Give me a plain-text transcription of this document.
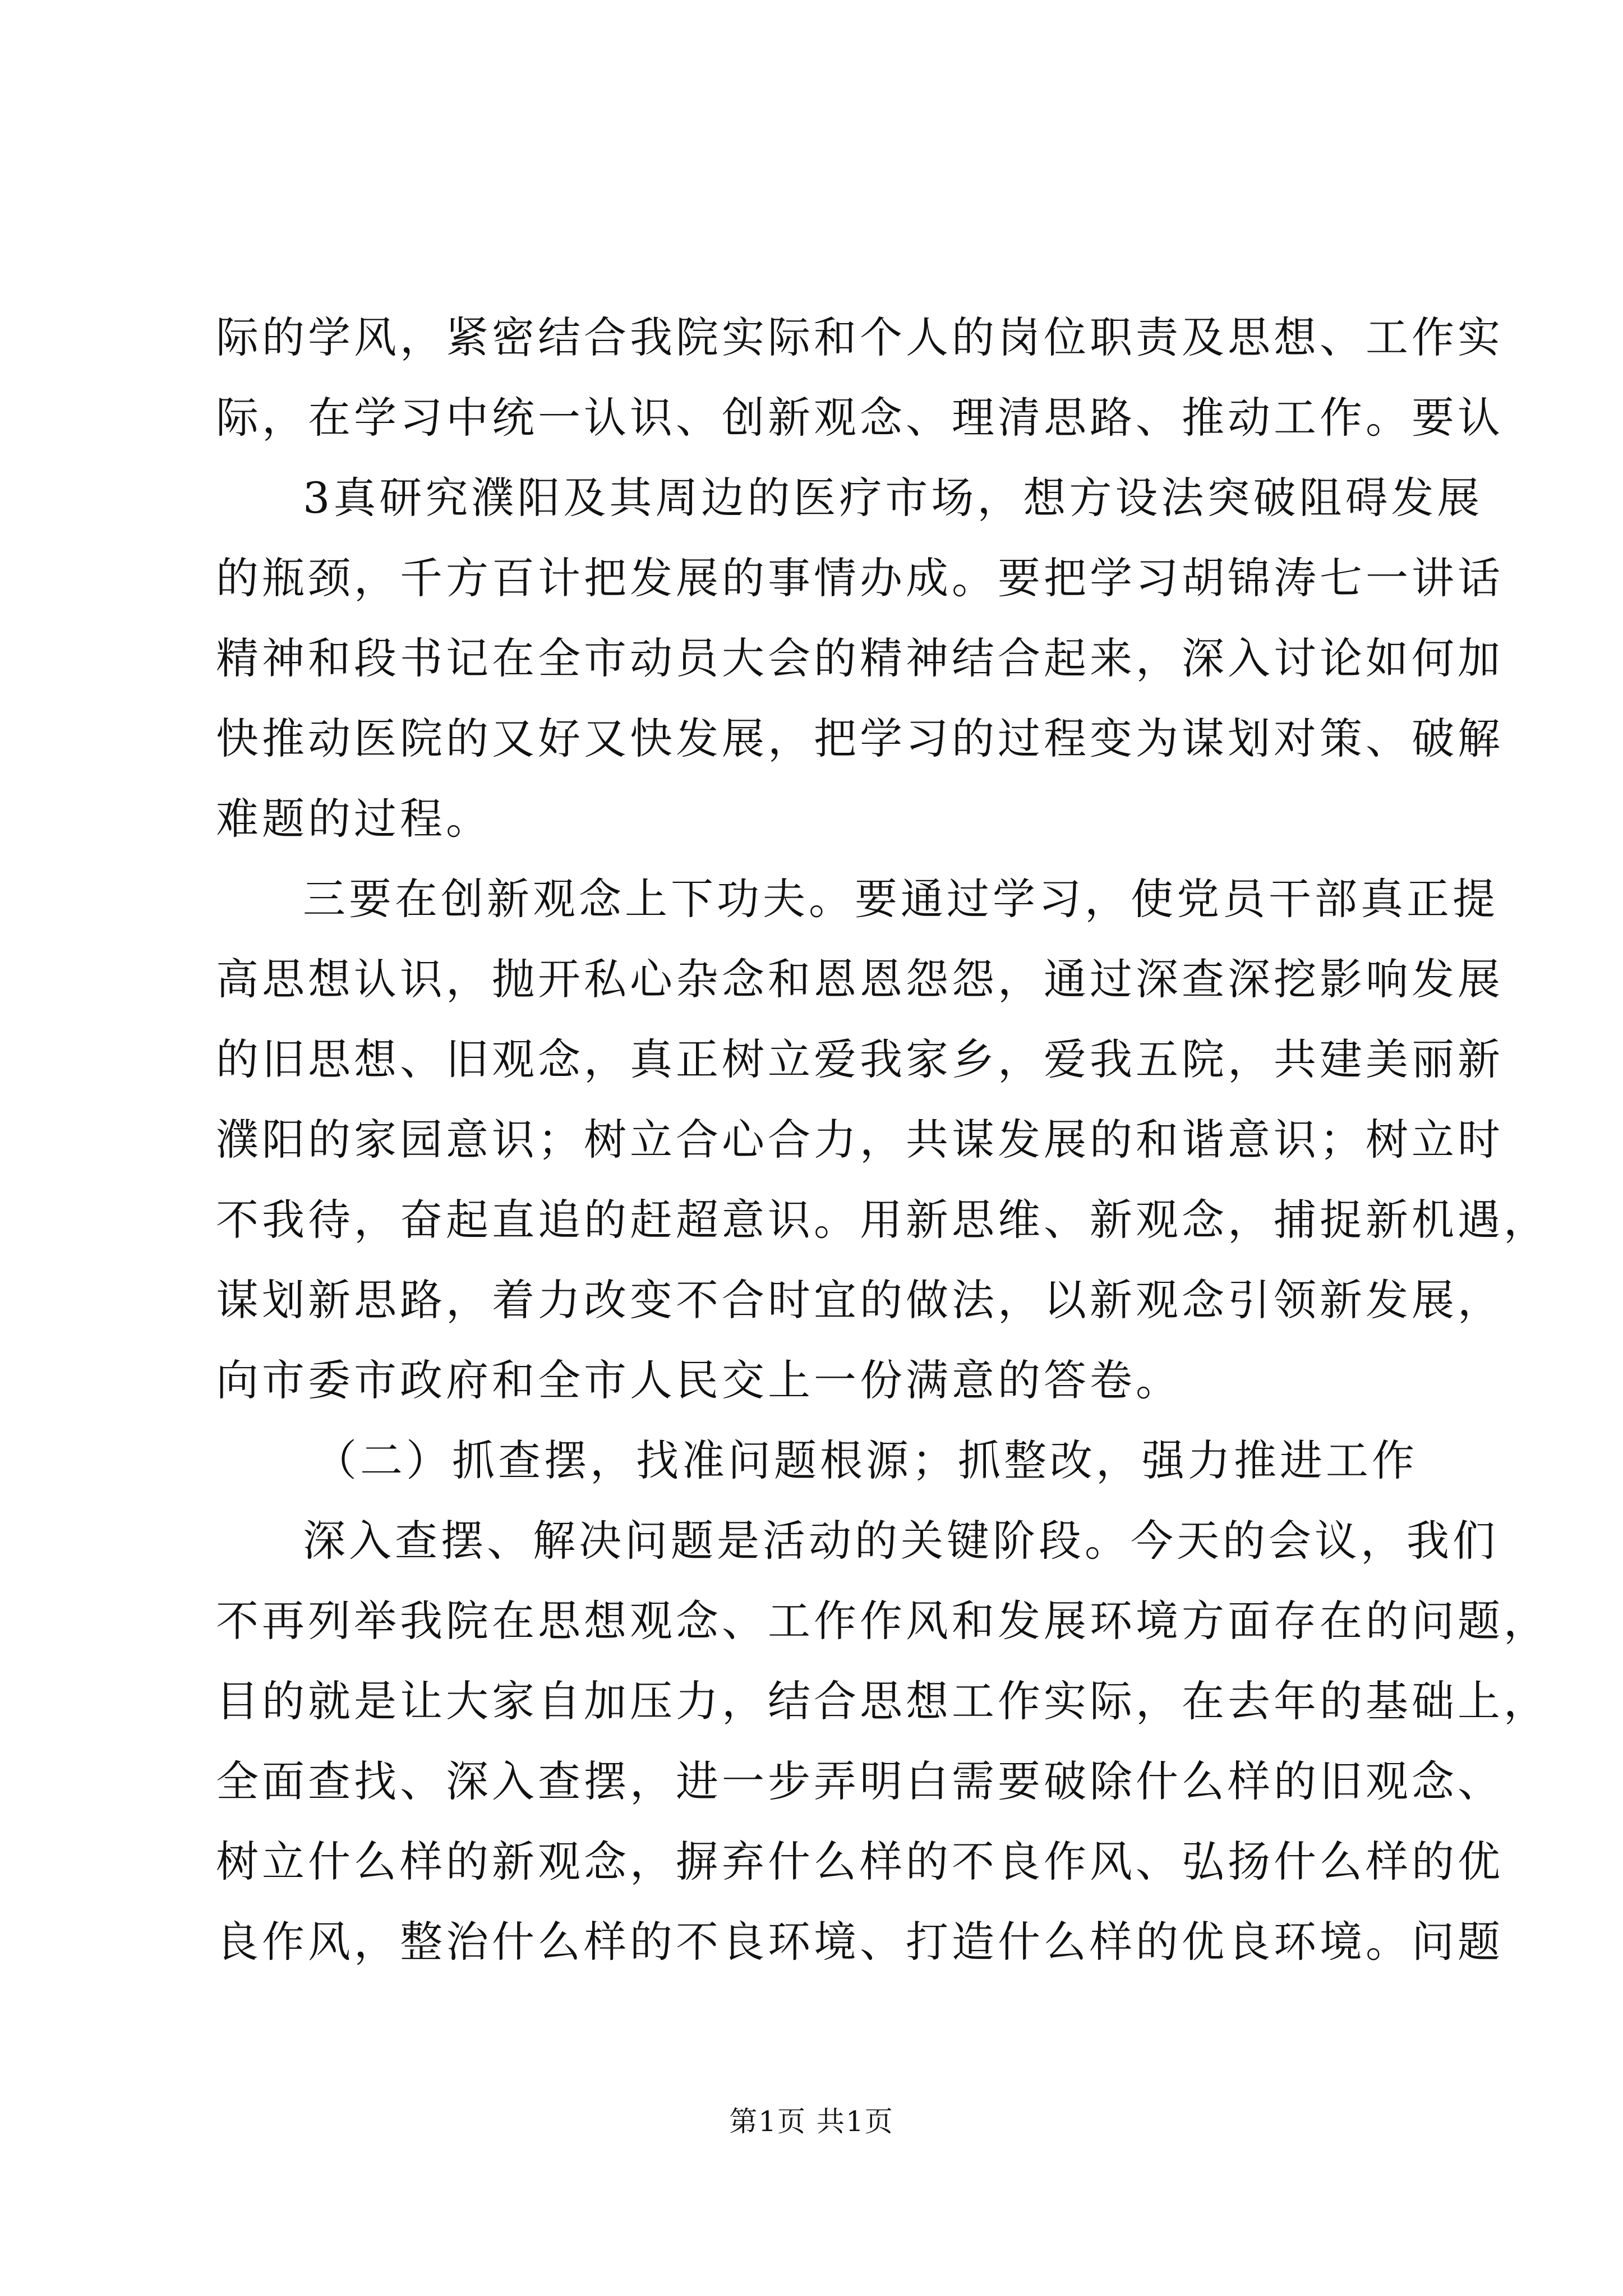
际的学风，紧密结合我院实际和个人的岗位职责及思想、工作实
际，在学习中统一认识、创新观念、理清思路、推动工作。要认
3真研究濮阳及其周边的医疗市场，想方设法突破阻碍发展
的瓶颈，千方百计把发展的事情办成。要把学习胡锦涛七一讲话
精神和段书记在全市动员大会的精神结合起来，深入讨论如何加
快推动医院的又好又快发展，把学习的过程变为谋划对策、破解
难题的过程。
三要在创新观念上下功夫。要通过学习，使党员干部真正提
高思想认识，抛开私心杂念和恩恩怨怨，通过深查深挖影响发展
的旧思想、旧观念，真正树立爱我家乡，爱我五院，共建美丽新
濮阳的家园意识；树立合心合力，共谋发展的和谐意识；树立时
不我待，奋起直追的赶超意识。用新思维、新观念，捕捉新机遇，
谋划新思路，着力改变不合时宜的做法，以新观念引领新发展，
向市委市政府和全市人民交上一份满意的答卷。
（二）抓查摆，找准问题根源；抓整改，强力推进工作
深入查摆、解决问题是活动的关键阶段。今天的会议，我们
不再列举我院在思想观念、工作作风和发展环境方面存在的问题，
目的就是让大家自加压力，结合思想工作实际，在去年的基础上，
全面查找、深入查摆，进一步弄明白需要破除什么样的旧观念、
树立什么样的新观念，摒弃什么样的不良作风、弘扬什么样的优
良作风，整治什么样的不良环境、打造什么样的优良环境。问题
第1页 共1页
